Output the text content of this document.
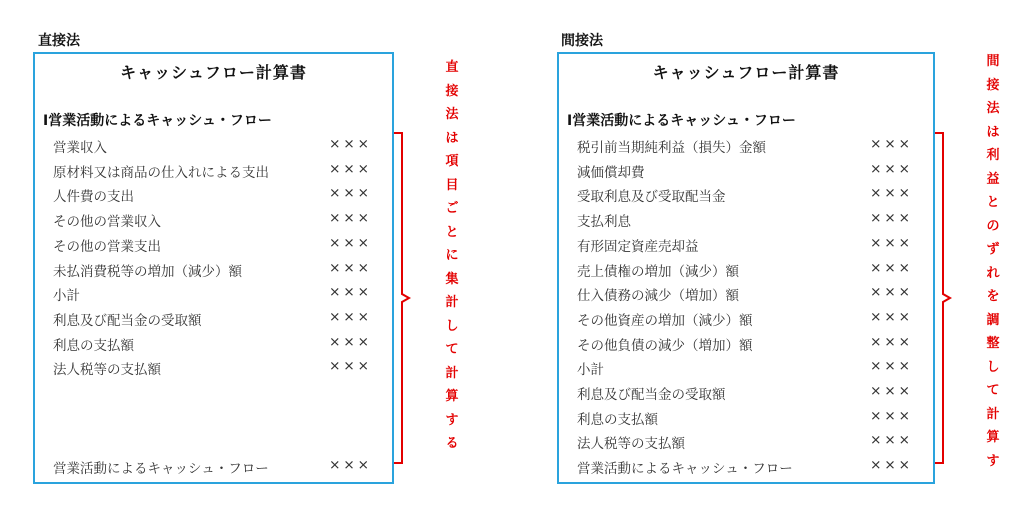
直接法
キャッシュフロー計算書
Ⅰ営業活動によるキャッシュ・フロー
営業収入	×××
原材料又は商品の仕入れによる支出	×××
人件費の支出	×××
その他の営業収入	×××
その他の営業支出	×××
未払消費税等の増加（減少）額	×××
小計	×××
利息及び配当金の受取額	×××
利息の支払額	×××
法人税等の支払額	×××
営業活動によるキャッシュ・フロー	×××
直
接
法
は
項
目
ご
と
に
集
計
し
て
計
算
す
る
間接法
キャッシュフロー計算書
Ⅰ営業活動によるキャッシュ・フロー
税引前当期純利益（損失）金額	×××
減価償却費	×××
受取利息及び受取配当金	×××
支払利息	×××
有形固定資産売却益	×××
売上債権の増加（減少）額	×××
仕入債務の減少（増加）額	×××
その他資産の増加（減少）額	×××
その他負債の減少（増加）額	×××
小計	×××
利息及び配当金の受取額	×××
利息の支払額	×××
法人税等の支払額	×××
営業活動によるキャッシュ・フロー	×××
間
接
法
は
利
益
と
の
ず
れ
を
調
整
し
て
計
算
す
